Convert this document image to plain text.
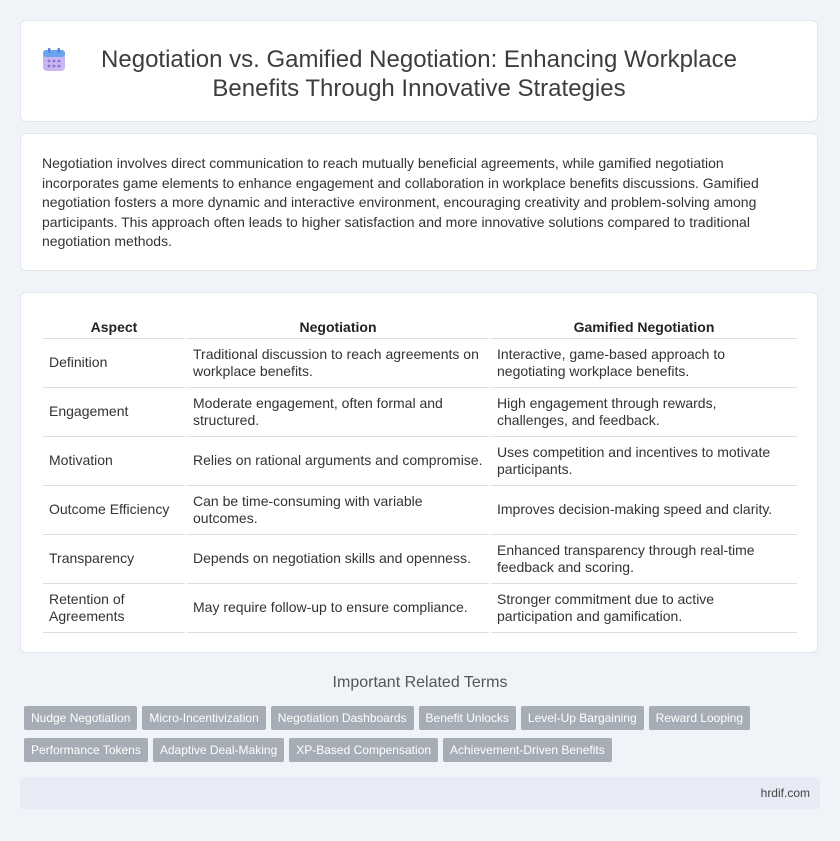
Negotiation vs. Gamified Negotiation: Enhancing Workplace Benefits Through Innovative Strategies

Negotiation involves direct communication to reach mutually beneficial agreements, while gamified negotiation incorporates game elements to enhance engagement and collaboration in workplace benefits discussions. Gamified negotiation fosters a more dynamic and interactive environment, encouraging creativity and problem-solving among participants. This approach often leads to higher satisfaction and more innovative solutions compared to traditional negotiation methods.

Aspect	Negotiation	Gamified Negotiation
Definition	Traditional discussion to reach agreements on workplace benefits.	Interactive, game-based approach to negotiating workplace benefits.
Engagement	Moderate engagement, often formal and structured.	High engagement through rewards, challenges, and feedback.
Motivation	Relies on rational arguments and compromise.	Uses competition and incentives to motivate participants.
Outcome Efficiency	Can be time-consuming with variable outcomes.	Improves decision-making speed and clarity.
Transparency	Depends on negotiation skills and openness.	Enhanced transparency through real-time feedback and scoring.
Retention of Agreements	May require follow-up to ensure compliance.	Stronger commitment due to active participation and gamification.

Important Related Terms

Nudge Negotiation Micro-Incentivization Negotiation Dashboards Benefit Unlocks Level-Up Bargaining Reward Looping
Performance Tokens Adaptive Deal-Making XP-Based Compensation Achievement-Driven Benefits
hrdif.com
